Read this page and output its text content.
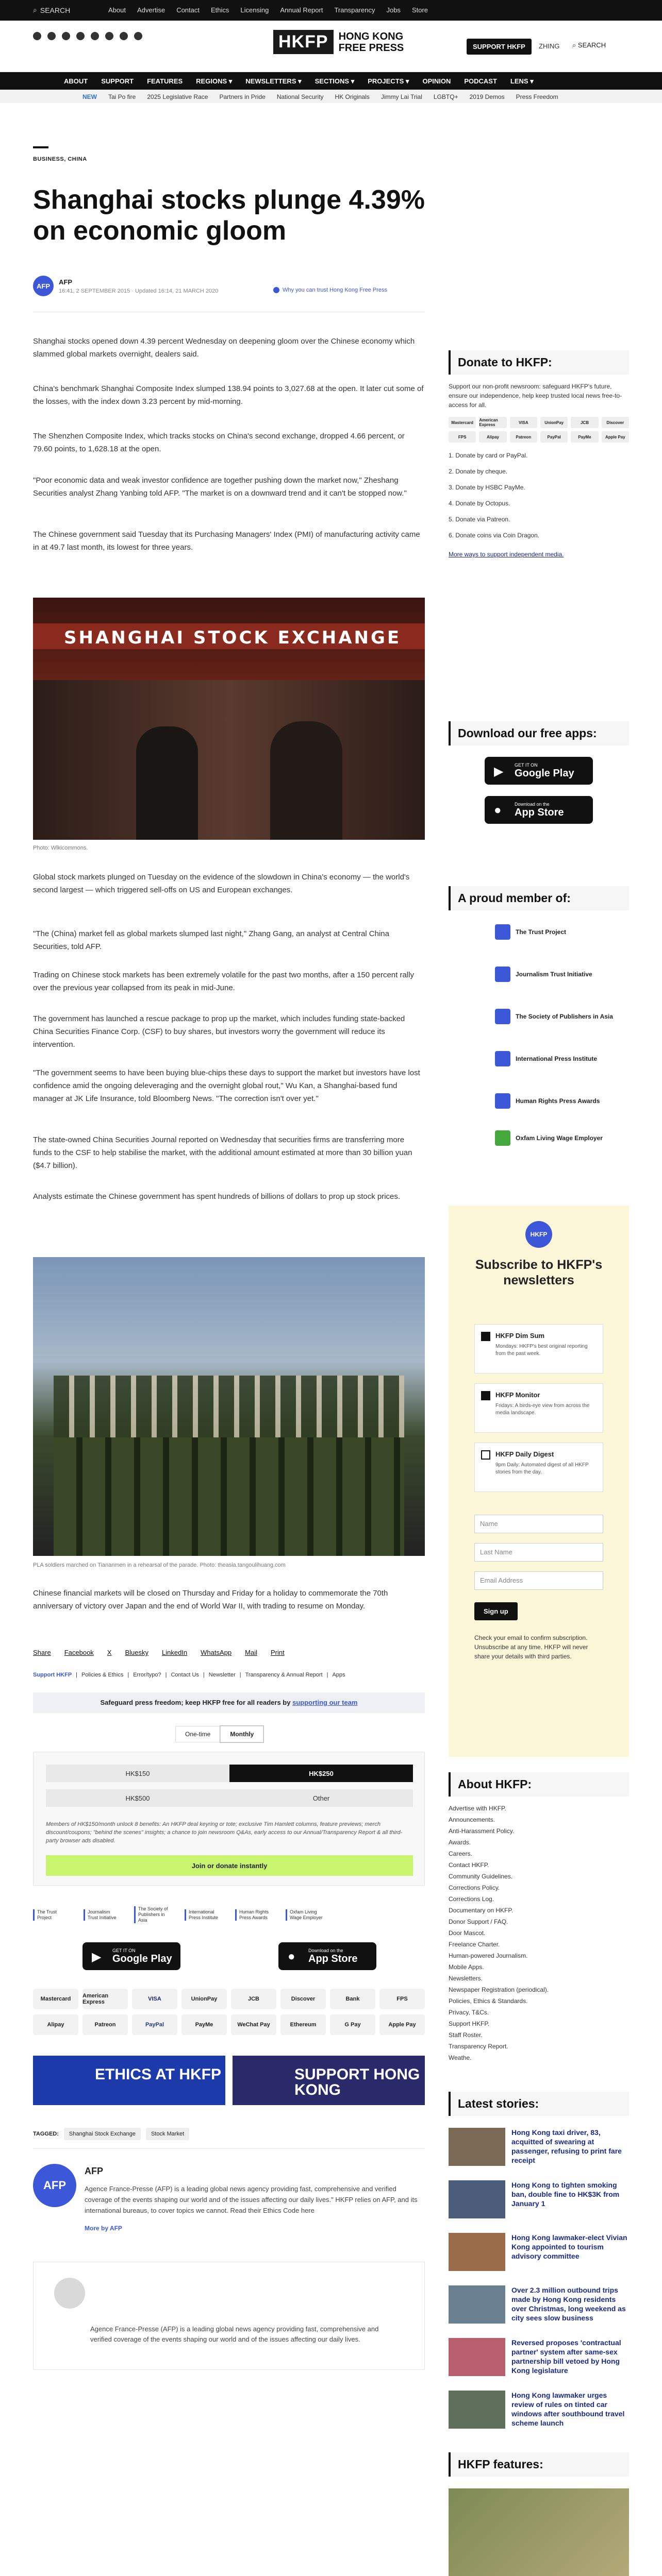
⌕ SEARCH	About Advertise Contact Ethics Licensing Annual Report Transparency Jobs Store
HKFP	HONG KONG
FREE PRESS	SUPPORT HKFP	ZHING ⌕ SEARCH
ABOUT SUPPORT FEATURES REGIONS ▾ NEWSLETTERS ▾ SECTIONS ▾ PROJECTS ▾ OPINION PODCAST LENS ▾
NEW Tai Po fire 2025 Legislative Race Partners in Pride National Security HK Originals Jimmy Lai Trial LGBTQ+ 2019 Demos Press Freedom
BUSINESS, CHINA
Shanghai stocks plunge 4.39% on economic gloom
AFP
AFP
16:41, 2 SEPTEMBER 2015 · Updated 16:14, 21 MARCH 2020	Why you can trust Hong Kong Free Press

Shanghai stocks opened down 4.39 percent Wednesday on deepening gloom over the Chinese economy which slammed global markets overnight, dealers said.

China's benchmark Shanghai Composite Index slumped 138.94 points to 3,027.68 at the open. It later cut some of the losses, with the index down 3.23 percent by mid-morning.

The Shenzhen Composite Index, which tracks stocks on China's second exchange, dropped 4.66 percent, or 79.60 points, to 1,628.18 at the open.

"Poor economic data and weak investor confidence are together pushing down the market now," Zheshang Securities analyst Zhang Yanbing told AFP. "The market is on a downward trend and it can't be stopped now."

The Chinese government said Tuesday that its Purchasing Managers' Index (PMI) of manufacturing activity came in at 49.7 last month, its lowest for three years.

SHANGHAI STOCK EXCHANGE
Photo: Wikicommons.

Global stock markets plunged on Tuesday on the evidence of the slowdown in China's economy — the world's second largest — which triggered sell-offs on US and European exchanges.

"The (China) market fell as global markets slumped last night," Zhang Gang, an analyst at Central China Securities, told AFP.

Trading on Chinese stock markets has been extremely volatile for the past two months, after a 150 percent rally over the previous year collapsed from its peak in mid-June.

The government has launched a rescue package to prop up the market, which includes funding state-backed China Securities Finance Corp. (CSF) to buy shares, but investors worry the government will reduce its intervention.

"The government seems to have been buying blue-chips these days to support the market but investors have lost confidence amid the ongoing deleveraging and the overnight global rout," Wu Kan, a Shanghai-based fund manager at JK Life Insurance, told Bloomberg News. "The correction isn't over yet."

The state-owned China Securities Journal reported on Wednesday that securities firms are transferring more funds to the CSF to help stabilise the market, with the additional amount estimated at more than 30 billion yuan ($4.7 billion).

Analysts estimate the Chinese government has spent hundreds of billions of dollars to prop up stock prices.

PLA soldiers marched on Tiananmen in a rehearsal of the parade. Photo: theasia.tangoulihuang.com

Chinese financial markets will be closed on Thursday and Friday for a holiday to commemorate the 70th anniversary of victory over Japan and the end of World War II, with trading to resume on Monday.

Share Facebook X Bluesky LinkedIn WhatsApp Mail Print
Support HKFP | Policies & Ethics | Error/typo? | Contact Us | Newsletter | Transparency & Annual Report | Apps
Safeguard press freedom; keep HKFP free for all readers by supporting our team
One-time	Monthly
HK$150	HK$250
HK$500	Other
Members of HK$150/month unlock 8 benefits: An HKFP deal keyring or tote; exclusive Tim Hamlett columns, feature previews; merch discount/coupons; "behind the scenes" insights; a chance to join newsroom Q&As, early access to our Annual/Transparency Report & all third-party browser ads disabled.
Join or donate instantly
The Trust Project
Journalism Trust Initiative
The Society of Publishers in Asia
International Press Institute
Human Rights Press Awards
Oxfam Living Wage Employer
▶ GET IT ON
Google Play	●	Download on the
App Store
Mastercard	American Express	VISA	UnionPay	JCB	Discover	Bank	FPS
Alipay	Patreon	PayPal	PayMe	WeChat Pay	Ethereum	G Pay	Apple Pay
ETHICS AT HKFP	SUPPORT HONG KONG
TAGGED:	Shanghai Stock Exchange	Stock Market
AFP
AFP
Agence France-Presse (AFP) is a leading global news agency providing fast, comprehensive and verified coverage of the events shaping our world and of the issues affecting our daily lives." HKFP relies on AFP, and its international bureaus, to cover topics we cannot. Read their Ethics Code here
More by AFP
Agence France-Presse (AFP) is a leading global news agency providing fast, comprehensive and verified coverage of the events shaping our world and of the issues affecting our daily lives.
Donate to HKFP:
Support our non-profit newsroom: safeguard HKFP's future, ensure our independence, help keep trusted local news free-to-access for all.
Mastercard	American Express	VISA	UnionPay	JCB	Discover
FPS	Alipay	Patreon	PayPal	PayMe	Apple Pay
1. Donate by card or PayPal.
2. Donate by cheque.
3. Donate by HSBC PayMe.
4. Donate by Octopus.
5. Donate via Patreon.
6. Donate coins via Coin Dragon.
More ways to support independent media.
Download our free apps:
▶ GET IT ON
Google Play
●	Download on the
App Store
A proud member of:
The Trust Project
Journalism Trust Initiative
The Society of Publishers in Asia
International Press Institute
Human Rights Press Awards
Oxfam Living Wage Employer
HKFP
Subscribe to HKFP's newsletters
HKFP Dim Sum
Mondays: HKFP's best original reporting from the past week.
HKFP Monitor
Fridays: A birds-eye view from across the media landscape.
HKFP Daily Digest
9pm Daily: Automated digest of all HKFP stories from the day.
Name
Last Name
Email Address
Sign up
Check your email to confirm subscription. Unsubscribe at any time. HKFP will never share your details with third parties.
About HKFP:
Advertise with HKFP.
Announcements.
Anti-Harassment Policy.
Awards.
Careers.
Contact HKFP.
Community Guidelines.
Corrections Policy.
Corrections Log.
Documentary on HKFP.
Donor Support / FAQ.
Door Mascot.
Freelance Charter.
Human-powered Journalism.
Mobile Apps.
Newsletters.
Newspaper Registration (periodical).
Policies, Ethics & Standards.
Privacy, T&Cs.
Support HKFP.
Staff Roster.
Transparency Report.
Weathe.
Latest stories:
Hong Kong taxi driver, 83, acquitted of swearing at passenger, refusing to print fare receipt
Hong Kong to tighten smoking ban, double fine to HK$3K from January 1
Hong Kong lawmaker-elect Vivian Kong appointed to tourism advisory committee
Over 2.3 million outbound trips made by Hong Kong residents over Christmas, long weekend as city sees slow business
Reversed proposes 'contractual partner' system after same-sex partnership bill vetoed by Hong Kong legislature
Hong Kong lawmaker urges review of rules on tinted car windows after southbound travel scheme launch
HKFP features:
